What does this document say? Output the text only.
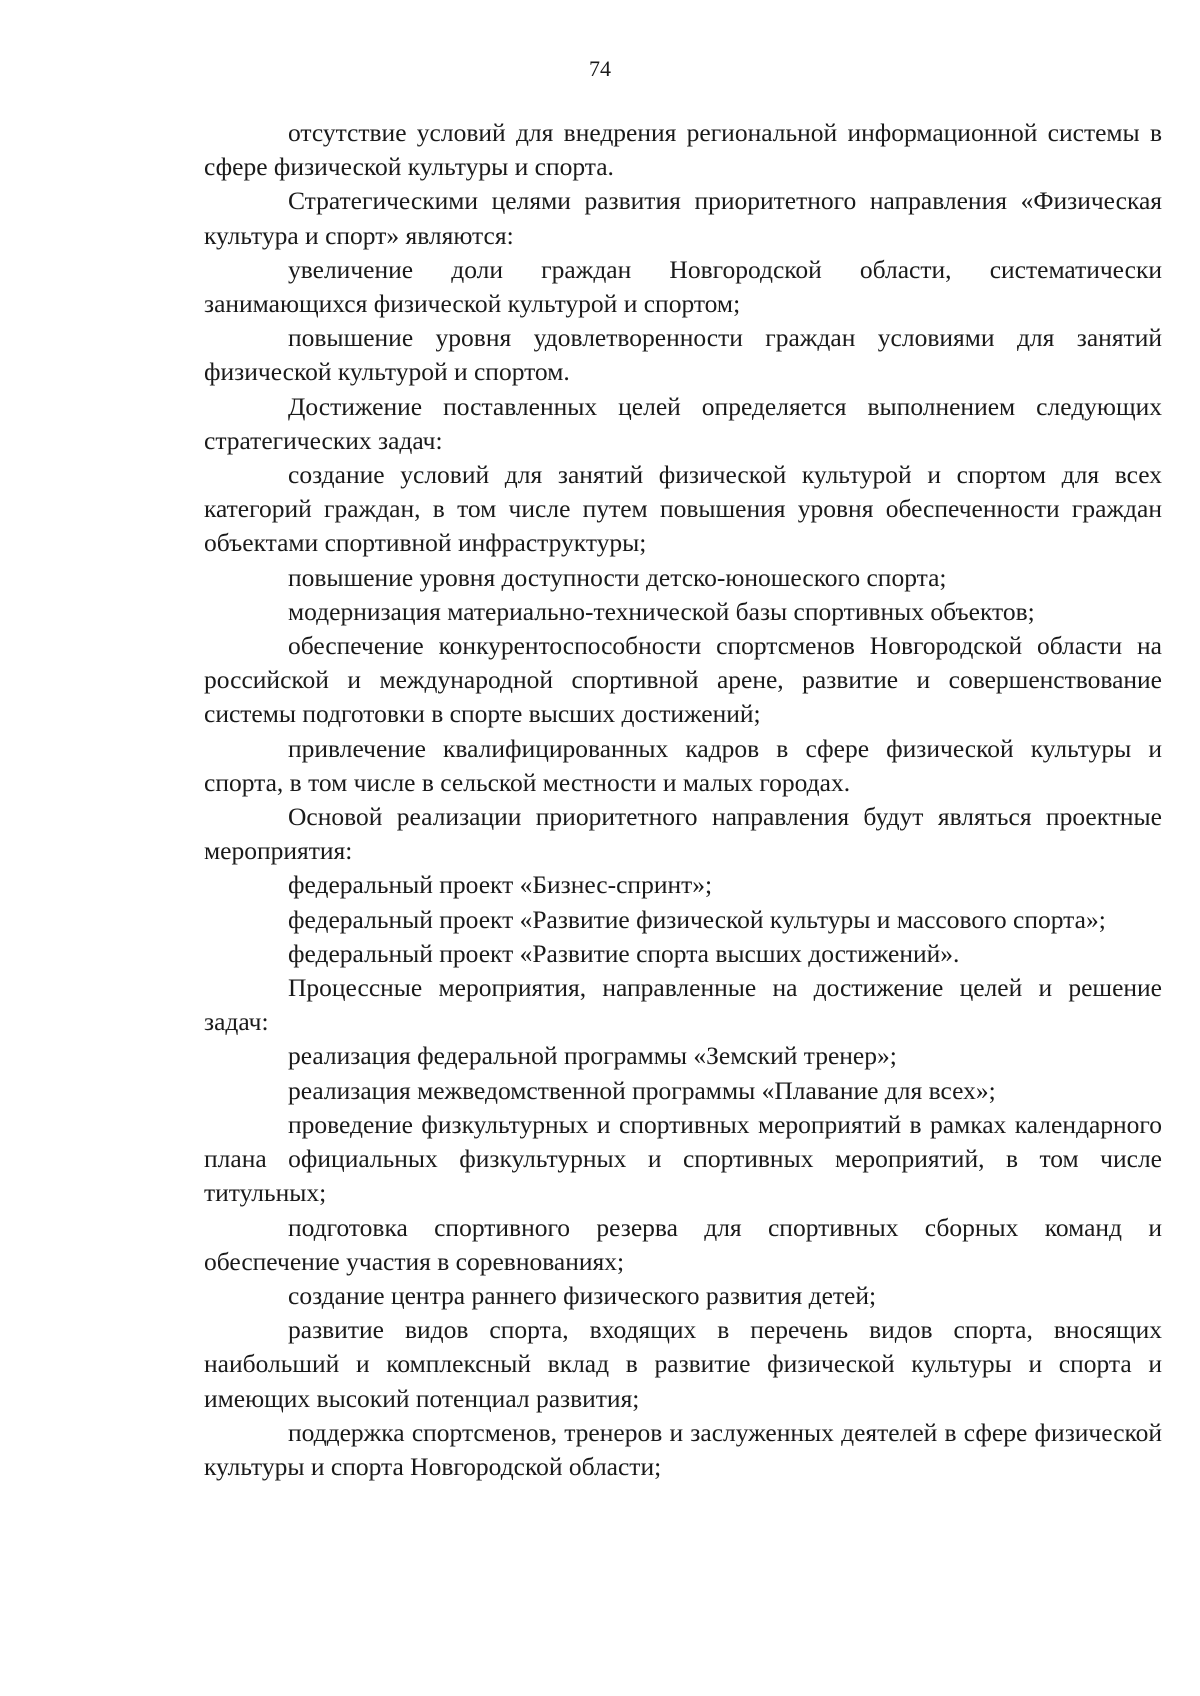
74

отсутствие условий для внедрения региональной информационной системы в сфере физической культуры и спорта.

Стратегическими целями развития приоритетного направления «Физическая культура и спорт» являются:

увеличение доли граждан Новгородской области, систематически занимающихся физической культурой и спортом;

повышение уровня удовлетворенности граждан условиями для занятий физической культурой и спортом.

Достижение поставленных целей определяется выполнением следующих стратегических задач:

создание условий для занятий физической культурой и спортом для всех категорий граждан, в том числе путем повышения уровня обеспеченности граждан объектами спортивной инфраструктуры;

повышение уровня доступности детско-юношеского спорта;

модернизация материально-технической базы спортивных объектов;

обеспечение конкурентоспособности спортсменов Новгородской области на российской и международной спортивной арене, развитие и совершенствование системы подготовки в спорте высших достижений;

привлечение квалифицированных кадров в сфере физической культуры и спорта, в том числе в сельской местности и малых городах.

Основой реализации приоритетного направления будут являться проектные мероприятия:

федеральный проект «Бизнес-спринт»;

федеральный проект «Развитие физической культуры и массового спорта»;

федеральный проект «Развитие спорта высших достижений».

Процессные мероприятия, направленные на достижение целей и решение задач:

реализация федеральной программы «Земский тренер»;

реализация межведомственной программы «Плавание для всех»;

проведение физкультурных и спортивных мероприятий в рамках календарного плана официальных физкультурных и спортивных мероприятий, в том числе титульных;

подготовка спортивного резерва для спортивных сборных команд и обеспечение участия в соревнованиях;

создание центра раннего физического развития детей;

развитие видов спорта, входящих в перечень видов спорта, вносящих наибольший и комплексный вклад в развитие физической культуры и спорта и имеющих высокий потенциал развития;

поддержка спортсменов, тренеров и заслуженных деятелей в сфере физической культуры и спорта Новгородской области;
